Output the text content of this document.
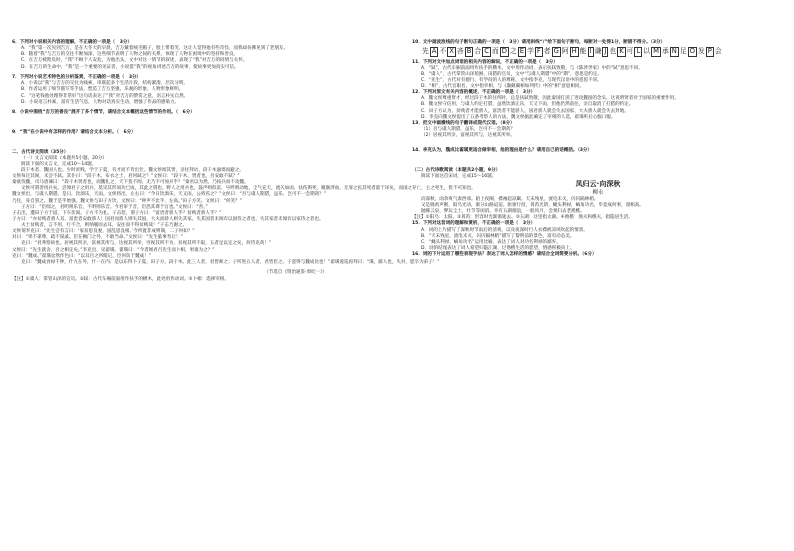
6．下列对小说相关内容的理解，不正确的一项是（　3分）

A．“我”第一次见到吉万，是在大冬天的早晨，吉万戴着绒毛帽子，脸上带着笑，这让人觉得他有些奇怪，而我却仿佛见到了老朋友。

B．随着“我”与吉万的交往不断加深，这些细节表明了人物之间的关系，体现了人物在困境中的坚持和善良。

C．在吉万被欺负时，“我”不顾个人安危，为他出头，文中对这一情节的叙述，表现了“我”对吉万的同情与关怀。

D．在吉万的生命中，“我”是一个重要的见证者，小说借“我”的视角讲述吉万的故事，使故事更加真实可信。

7．下列对小说艺术特色的分析鉴赏，不正确的一项是（　3分）

A．小说以“我”与吉万的交往为线索，串联起多个生活片段，结构紧凑，层次分明。

B．作者运用了细节描写等手法，塑造了吉万坚强、乐观的形象，人物形象鲜明。

C．“这笔钱他处理得非常好”这句话表达了“我”对吉万的赞赏之意，语言朴实自然。

D．小说语言朴素，富有生活气息，人物对话真实生动，增强了作品的感染力。

8．小说中围绕“吉万的善良”展开了多个情节，请结合文本概括这些情节的作用。（　6分）

9．“我”在小说中有怎样的作用？请结合文本分析。（　6分）

二、古代诗文阅读（35分）

（一）文言文阅读（本题共5小题，20分）

阅读下面的文言文，完成10～14题。

段干木者，魏国人也。少时贫贱，学于子夏，有才而不肯出仕。魏文侯闻其贤，亲往拜访，段干木逾墙而避之。

文侯每过其闾，未尝不轼。其仆曰：“段干木，布衣之士，君何轼之？”文侯曰：“段干木，贤者也，吾安敢不轼？”

秦欲伐魏，司马唐谏曰：“段干木贤者也，而魏礼之，天下莫不闻，无乃不可加兵乎？”秦君以为然，乃按兵而不攻魏。

文侯可谓善用兵矣。尝闻君子之用兵，莫见其形而功已成，其此之谓也。野人之用兵也，鼓声则似雷，号呼则动地，尘气充天，流矢如雨，扶伤舆死，履肠涉血，无罪之民其死者量于泽矣，而国之存亡，主之死生，犹不可知也。

魏文侯出，与虞人期猎。是日，饮酒乐，天雨。文侯将出，左右曰：“今日饮酒乐，天又雨，公将焉之？”文侯曰：“吾与虞人期猎，虽乐，岂可不一会期哉？”

乃往，身自罢之。魏于是乎始强。魏文侯与田子方饮，文侯曰：“钟声不比乎，左高。”田子方笑。文侯曰：“何笑？”

子方曰：“臣闻之，君明则乐官，不明则乐音。今君审于音，臣恐其聋于官也。”文侯曰：“善。”

子击出，遭田子方于道，下车伏谒。子方不为礼。子击怒，谓子方曰：“富贵者骄人乎？贫贱者骄人乎？”

子方曰：“亦贫贱者骄人耳，富贵者安敢骄人！国君而骄人则失其国，大夫而骄人则失其家。失其国者未闻有以国待之者也，失其家者未闻有以家待之者也。

夫士贫贱者，言不用，行不合，则纳履而去耳，安往而不得贫贱哉！”子击乃谢之。

文侯谓李克曰：“先生尝有言曰：‘家贫思良妻，国乱思良相。’今所置非成则璜，二子何如？”

对曰：“卑不谋尊，疏不谋戚。臣在阙门之外，不敢当命。”文侯曰：“先生临事勿让！”

克曰：“君弗察故也。居视其所亲，富视其所与，达视其所举，穷视其所不为，贫视其所不取，五者足以定之矣，何待克哉！”

文侯曰：“先生就舍，吾之相定矣。”李克出，见翟璜。翟璜曰：“今者闻君召先生而卜相，果谁为之？”

克曰：“魏成。”翟璜忿然作色曰：“以耳目之所睹记，臣何负于魏成！”

克曰：“魏成食禄千钟，什九在外，什一在内；是以东得卜子夏、田子方、段干木。此三人者，君皆师之；子所进五人者，君皆臣之。子恶得与魏成比也！”翟璜逡巡再拜曰：“璜，鄙人也，失对，愿卒为弟子！”

（节选自《资治通鉴·周纪一》）

【注】①虞人：掌管山泽的官员。②轼：古代车厢前面用作扶手的横木，此处用作动词。③卜相：选择宰相。

10．文中画波浪线的句子断句正确的一项是（　3分）请用斜线“/”给下面句子断句，每断对一处得1分，断错不得分。（3分）

先 A 不 Ⅹ 吝 B 合 C 而 D 之 E 学 F 者 G 阿 H 能 I 谦 J 也 K 可 L 以 M 承 N 足 O 发 P 会

11．下列对文中加点词语的相关内容的解说，不正确的一项是（　3分）

A．“轼”，古代车厢前面用作扶手的横木，文中用作动词，表示扶轼致敬，与《陈涉世家》中的“轼”意思不同。

B．“虞人”，古代掌管山泽苑囿、田猎的官员，文中“与虞人期猎”中的“期”，意思是约定。

C．“先生”，古代对有德行、有学问的人的尊称，文中指李克，与现代汉语中的意思不同。

D．“相”，古代官职名，文中指宰相，与《廉颇蔺相如列传》中的“相”意思相同。

12．下列对原文有关内容的概述，不正确的一项是（　3分）

A．魏文侯尊重贤才，经过段干木的住所时，总是扶轼致敬，因此秦国打消了进攻魏国的念头，这说明贤者对于国家的重要作用。

B．魏文侯守信用，与虞人约定打猎，虽然饮酒正乐，天又下雨，但他仍然前往，亲自取消了打猎的约定。

C．田子方认为，贫贱者才能骄人，富贵者不能骄人，国君骄人就会失去国家，大夫骄人就会失去封地。

D．李克向魏文侯提出了五条考察人的方法，魏文侯据此确定了宰相的人选，翟璜听后心服口服。

13．把文中画横线的句子翻译成现代汉语。（8分）

（1）吾与虞人期猎，虽乐，岂可不一会期哉？

（2）居视其所亲，富视其所与，达视其所举。

14．李克认为，魏成比翟璜更适合做宰相，他的理由是什么？请用自己的话概括。（3分）

（二）古代诗歌阅读（本题共2小题，9分）

阅读下面这首宋词，完成15～16题。

凤归云·向深秋

柳永

向深秋，雨余爽气肃西郊。陌上夜阑，襟袖起凉飙。天末残星，流电未灭，闪闪隔林梢。

又是晓鸡声断，阳乌光动，渐分山路迢迢。驱驱行役，苒苒光阴，蝇头利禄，蜗角功名，毕竟成何事，漫相高。

抛掷云泉，狎玩尘土，壮节等闲消。幸有五湖烟浪，一船风月，会须归去老渔樵。

【注】①阳乌：太阳。②苒苒：形容时光渐渐逝去。③五湖：这里指太湖。④渔樵：渔夫和樵夫，指隐居生活。

15．下列对这首词的理解和赏析，不正确的一项是（　3分）

A．词的上片描写了深秋时节雨后的清爽，以及夜深时行人衣襟被凉风吹起的情景。

B．“天末残星，流电未灭，闪闪隔林梢”描写了黎明前的景色，富有动态美。

C．“蝇头利禄，蜗角功名”运用比喻，表达了词人对功名利禄的鄙弃。

D．词的结尾表达了词人希望归隐江湖、过渔樵生活的愿望，情感积极向上。

16．词的下片运用了哪些表现手法？表达了词人怎样的情感？请结合全词简要分析。（6分）
